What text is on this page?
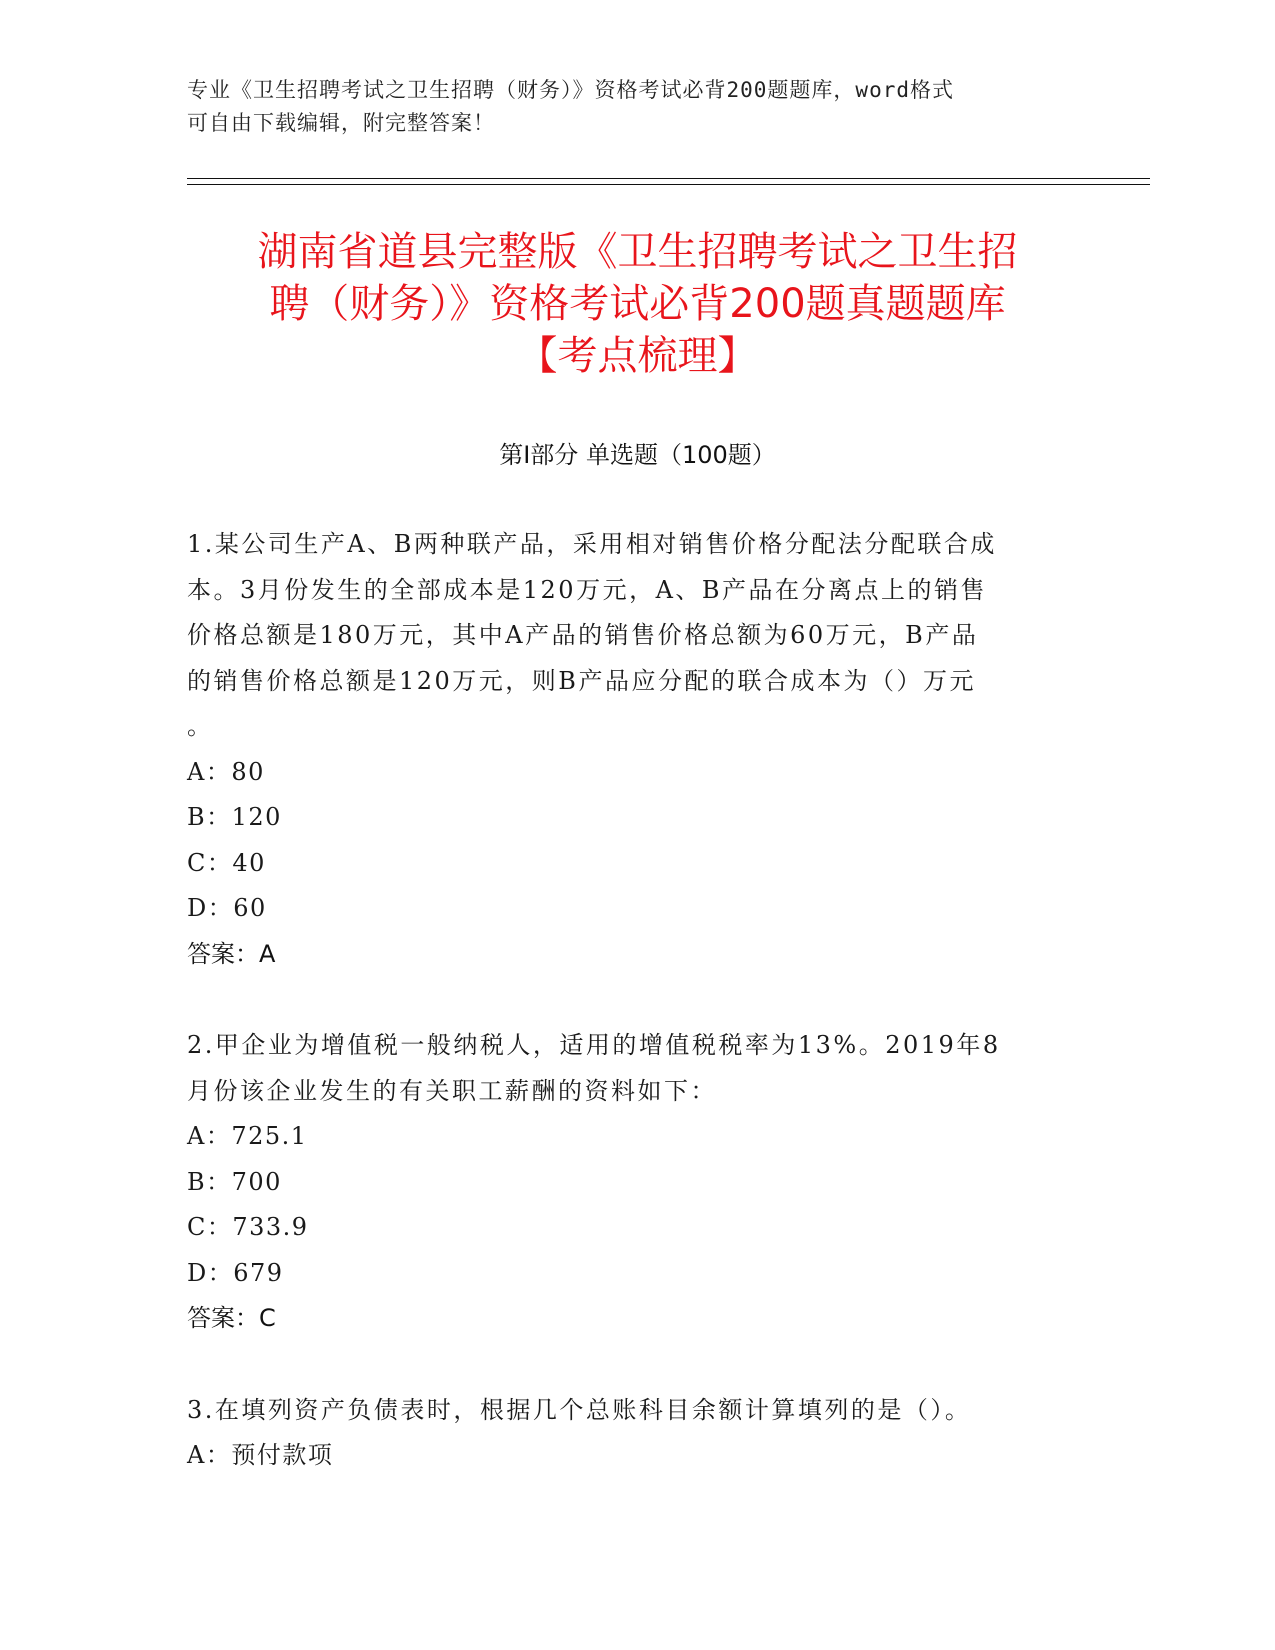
专业《卫生招聘考试之卫生招聘（财务）》资格考试必背200题题库，word格式
可自由下载编辑，附完整答案！
湖南省道县完整版《卫生招聘考试之卫生招
聘（财务）》资格考试必背200题真题题库
【考点梳理】
第Ⅰ部分 单选题（100题）
1.某公司生产A、B两种联产品，采用相对销售价格分配法分配联合成
本。3月份发生的全部成本是120万元，A、B产品在分离点上的销售
价格总额是180万元，其中A产品的销售价格总额为60万元，B产品
的销售价格总额是120万元，则B产品应分配的联合成本为（）万元
。
A：80
B：120
C：40
D：60
答案：A
2.甲企业为增值税一般纳税人，适用的增值税税率为13%。2019年8
月份该企业发生的有关职工薪酬的资料如下：
A：725.1
B：700
C：733.9
D：679
答案：C
3.在填列资产负债表时，根据几个总账科目余额计算填列的是（）。
A：预付款项
